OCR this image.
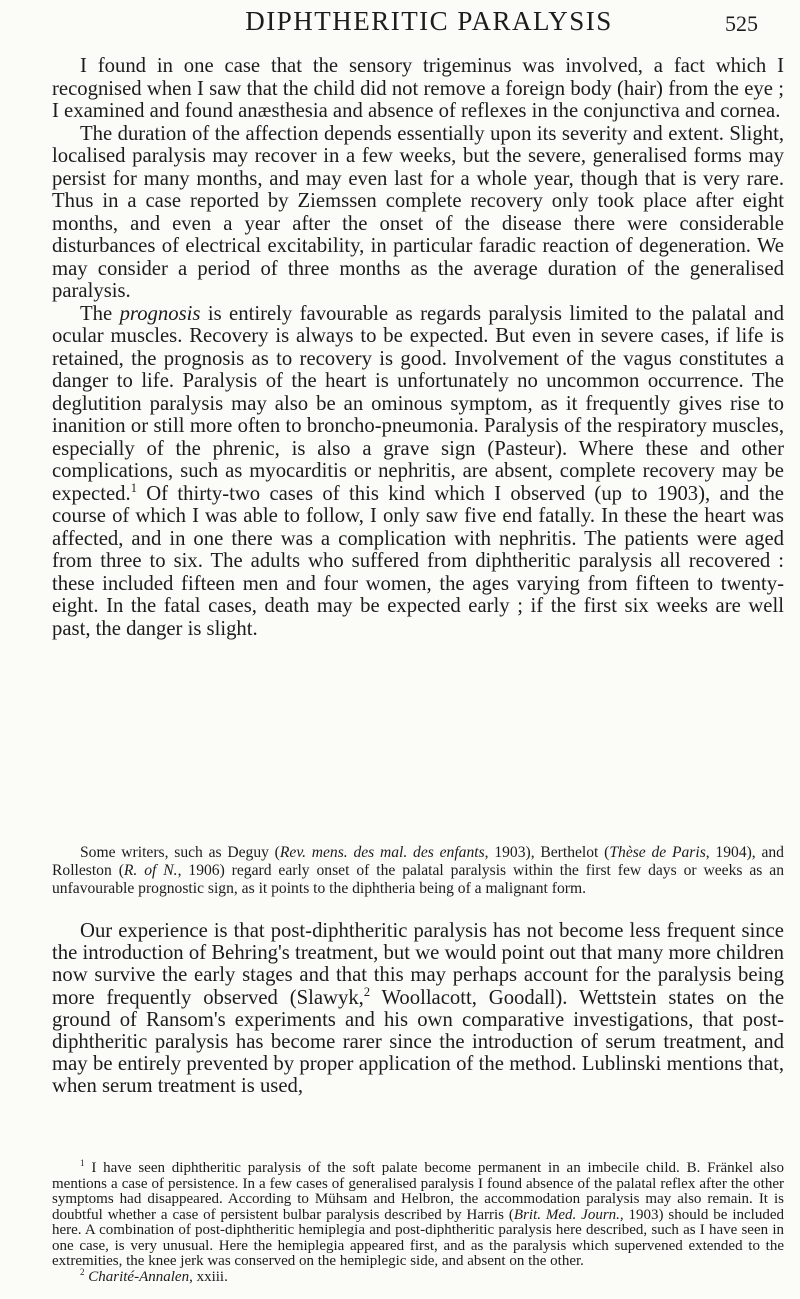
DIPHTHERITIC PARALYSIS	525

I found in one case that the sensory trigeminus was involved, a fact which I recognised when I saw that the child did not remove a foreign body (hair) from the eye ; I examined and found anæsthesia and absence of reflexes in the conjunctiva and cornea.

The duration of the affection depends essentially upon its severity and extent. Slight, localised paralysis may recover in a few weeks, but the severe, generalised forms may persist for many months, and may even last for a whole year, though that is very rare. Thus in a case reported by Ziemssen complete recovery only took place after eight months, and even a year after the onset of the disease there were considerable disturbances of electrical excitability, in particular faradic reaction of degeneration. We may consider a period of three months as the average duration of the generalised paralysis.

The prognosis is entirely favourable as regards paralysis limited to the palatal and ocular muscles. Recovery is always to be expected. But even in severe cases, if life is retained, the prognosis as to recovery is good. Involvement of the vagus constitutes a danger to life. Paralysis of the heart is unfortunately no uncommon occurrence. The deglutition paralysis may also be an ominous symptom, as it frequently gives rise to inanition or still more often to broncho-pneumonia. Paralysis of the respiratory muscles, especially of the phrenic, is also a grave sign (Pasteur). Where these and other complications, such as myocarditis or nephritis, are absent, complete recovery may be expected.$^1$ Of thirty-two cases of this kind which I observed (up to 1903), and the course of which I was able to follow, I only saw five end fatally. In these the heart was affected, and in one there was a complication with nephritis. The patients were aged from three to six. The adults who suffered from diphtheritic paralysis all recovered : these included fifteen men and four women, the ages varying from fifteen to twenty-eight. In the fatal cases, death may be expected early ; if the first six weeks are well past, the danger is slight.

Some writers, such as Deguy (Rev. mens. des mal. des enfants, 1903), Berthelot (Thèse de Paris, 1904), and Rolleston (R. of N., 1906) regard early onset of the palatal paralysis within the first few days or weeks as an unfavourable prognostic sign, as it points to the diphtheria being of a malignant form.

Our experience is that post-diphtheritic paralysis has not become less frequent since the introduction of Behring's treatment, but we would point out that many more children now survive the early stages and that this may perhaps account for the paralysis being more frequently observed (Slawyk,$^2$ Woollacott, Goodall). Wettstein states on the ground of Ransom's experiments and his own comparative investigations, that post-diphtheritic paralysis has become rarer since the introduction of serum treatment, and may be entirely prevented by proper application of the method. Lublinski mentions that, when serum treatment is used,

$^1$ I have seen diphtheritic paralysis of the soft palate become permanent in an imbecile child. B. Fränkel also mentions a case of persistence. In a few cases of generalised paralysis I found absence of the palatal reflex after the other symptoms had disappeared. According to Mühsam and Helbron, the accommodation paralysis may also remain. It is doubtful whether a case of persistent bulbar paralysis described by Harris (Brit. Med. Journ., 1903) should be included here. A combination of post-diphtheritic hemiplegia and post-diphtheritic paralysis here described, such as I have seen in one case, is very unusual. Here the hemiplegia appeared first, and as the paralysis which supervened extended to the extremities, the knee jerk was conserved on the hemiplegic side, and absent on the other.

$^2$ Charité-Annalen, xxiii.
